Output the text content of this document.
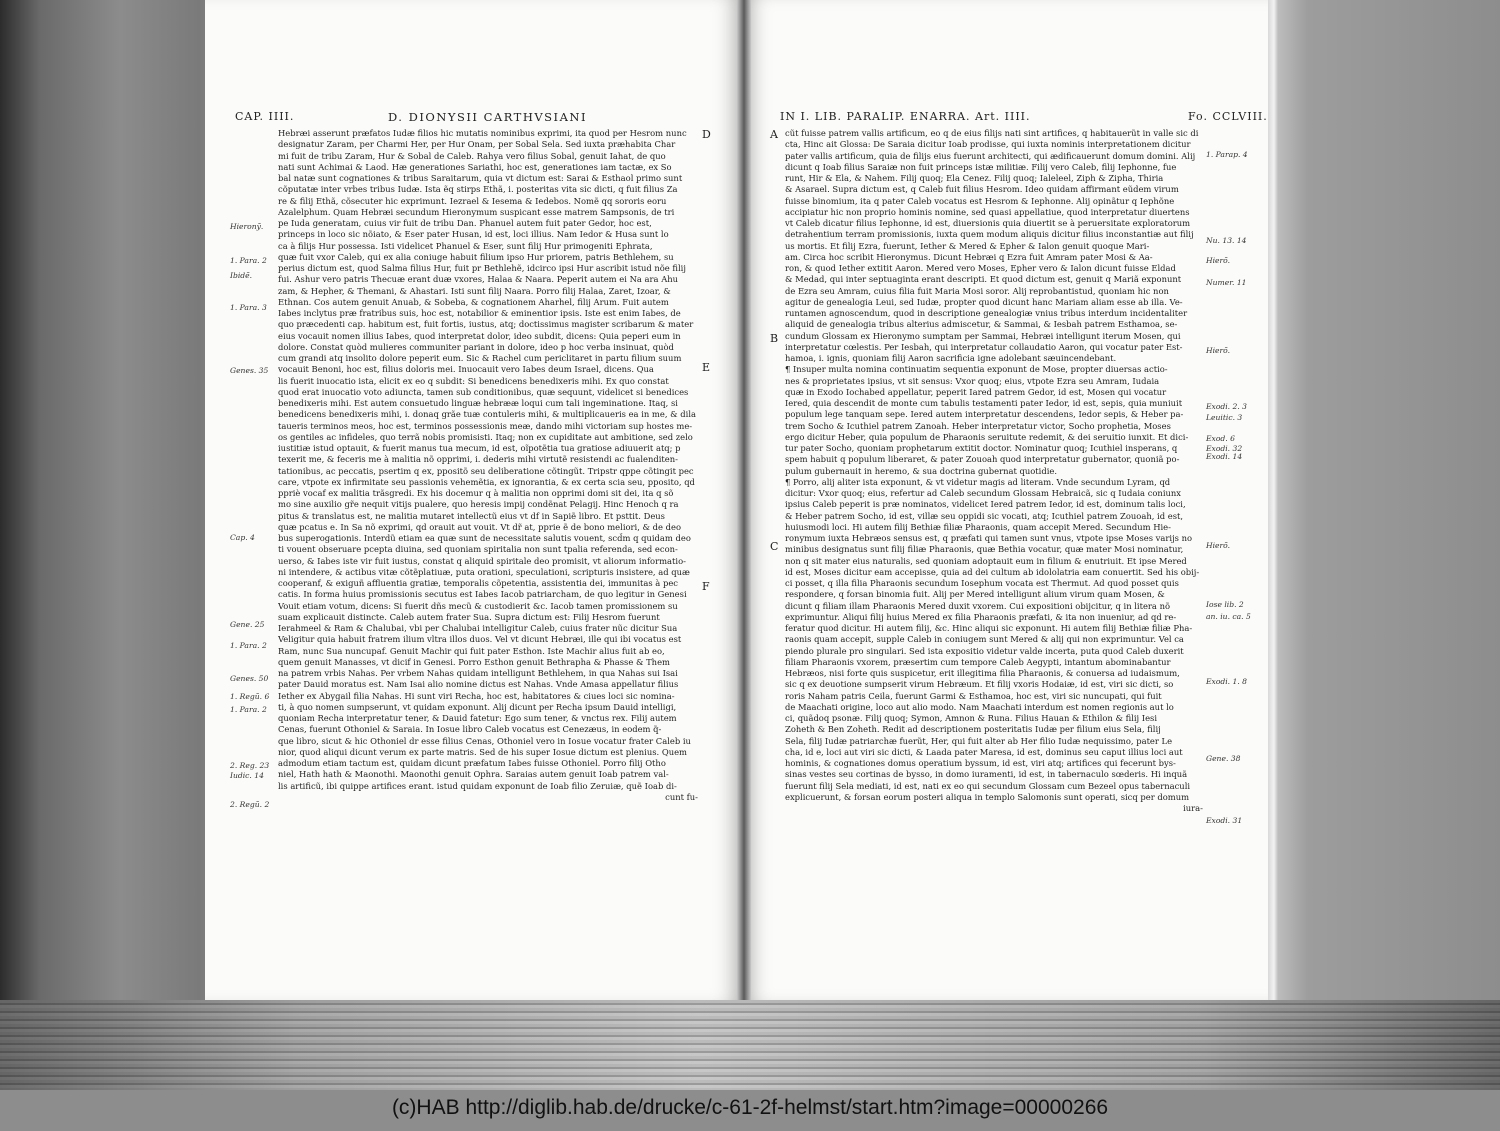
CAP. IIII.	D. DIONYSII CARTHVSIANI	IN I. LIB. PARALIP. ENARRA. Art. IIII.	Fo. CCLVIII.

Hebræi asserunt præfatos Iudæ filios hic mutatis nominibus exprimi, ita quod per Hesrom nunc

designatur Zaram, per Charmi Her, per Hur Onam, per Sobal Sela. Sed iuxta præhabita Char

mi fuit de tribu Zaram, Hur & Sobal de Caleb. Rahya vero filius Sobal, genuit Iahat, de quo

nati sunt Achimai & Laod. Hæ generationes Sariathi, hoc est, generationes iam tactæ, ex So

bal natæ sunt cognationes & tribus Saraitarum, quia vt dictum est: Sarai & Esthaol primo sunt

cõputatæ inter vrbes tribus Iudæ. Ista ẽq stirps Ethã, i. posteritas vita sic dicti, q fuit filius Za

re & filij Ethã, cõsecuter hic exprimunt. Iezrael & Iesema & Iedebos. Nomẽ qq sororis eoru

Azalelphum. Quam Hebræi secundum Hieronymum suspicant esse matrem Sampsonis, de tri

pe Iuda generatam, cuius vir fuit de tribu Dan. Phanuel autem fuit pater Gedor, hoc est,

princeps in loco sic nõiato, & Eser pater Husan, id est, loci illius. Nam Iedor & Husa sunt lo

ca à filijs Hur possessa. Isti videlicet Phanuel & Eser, sunt filij Hur primogeniti Ephrata,

quæ fuit vxor Caleb, qui ex alia coniuge habuit filium ipso Hur priorem, patris Bethlehem, su

perius dictum est, quod Salma filius Hur, fuit pr Bethlehẽ, idcirco ipsi Hur ascribit istud nõe filij

fui. Ashur vero patris Thecuæ erant duæ vxores, Halaa & Naara. Peperit autem ei Na ara Ahu

zam, & Hepher, & Themani, & Ahastari. Isti sunt filij Naara. Porro filij Halaa, Zaret, Izoar, &

Ethnan. Cos autem genuit Anuab, & Sobeba, & cognationem Aharhel, filij Arum. Fuit autem

Iabes inclytus præ fratribus suis, hoc est, notabilior & eminentior ipsis. Iste est enim Iabes, de

quo præcedenti cap. habitum est, fuit fortis, iustus, atq; doctissimus magister scribarum & mater

eius vocauit nomen illius Iabes, quod interpretat dolor, ideo subdit, dicens: Quia peperi eum in

dolore. Constat quòd mulieres communiter pariant in dolore, ideo p hoc verba insinuat, quòd

cum grandi atq insolito dolore peperit eum. Sic & Rachel cum periclitaret in partu filium suum

vocauit Benoni, hoc est, filius doloris mei. Inuocauit vero Iabes deum Israel, dicens. Qua

lis fuerit inuocatio ista, elicit ex eo q subdit: Si benedicens benedixeris mihi. Ex quo constat

quod erat inuocatio voto adiuncta, tamen sub conditionibus, quæ sequunt, videlicet si benedices

benedixeris mihi. Est autem consuetudo linguæ hebrææ loqui cum tali ingeminatione. Itaq, si

benedicens benedixeris mihi, i. donaq grãe tuæ contuleris mihi, & multiplicaueris ea in me, & dila

taueris terminos meos, hoc est, terminos possessionis meæ, dando mihi victoriam sup hostes me-

os gentiles ac infideles, quo terrã nobis promisisti. Itaq; non ex cupiditate aut ambitione, sed zelo

iustitiæ istud optauit, & fuerit manus tua mecum, id est, oĩpotẽtia tua gratiose adiuuerit atq; p

texerit me, & feceris me à malitia nõ opprimi, i. dederis mihi virtutẽ resistendi ac fualenditen-

tationibus, ac peccatis, psertim q ex, ppositõ seu deliberatione cõtingũt. Tripstr qppe cõtingit pec

care, vtpote ex infirmitate seu passionis vehemẽtia, ex ignorantia, & ex certa scia seu, pposito, qd

ppriè vocaf ex malitia trãsgredi. Ex his docemur q à malitia non opprimi domi sit dei, ita q sõ

mo sine auxilio gr̃e nequit vitijs pualere, quo heresis impij condẽnat Pelagij. Hinc Henoch q ra

pitus & translatus est, ne malitia mutaret intellectũ eius vt df in Sapiẽ libro. Et psttit. Deus

quæ pcatus e. In Sa nõ exprimi, qd orauit aut vouit. Vt dr̃ at, pprie ẽ de bono meliori, & de deo

bus superogationis. Interdũ etiam ea quæ sunt de necessitate salutis vouent, scd̃m q quidam deo

ti vouent obseruare pcepta diuina, sed quoniam spiritalia non sunt tpalia referenda, sed econ-

uerso, & Iabes iste vir fuit iustus, constat q aliquid spiritale deo promisit, vt aliorum informatio-

ni intendere, & actibus vitæ cõtẽplatiuæ, puta orationi, speculationi, scripturis insistere, ad quæ

cooperanf, & exiguñ affluentia gratiæ, temporalis cõpetentia, assistentia dei, immunitas à pec

catis. In forma huius promissionis secutus est Iabes Iacob patriarcham, de quo legitur in Genesi

Vouit etiam votum, dicens: Si fuerit dñs mecũ & custodierit &c. Iacob tamen promissionem su

suam explicauit distincte. Caleb autem frater Sua. Supra dictum est: Filij Hesrom fuerunt

Ierahmeel & Ram & Chalubai, vbi per Chalubai intelligitur Caleb, cuius frater nũc dicitur Sua

Veligitur quia habuit fratrem ilium vltra illos duos. Vel vt dicunt Hebræi, ille qui ibi vocatus est

Ram, nunc Sua nuncupaf. Genuit Machir qui fuit pater Esthon. Iste Machir alius fuit ab eo,

quem genuit Manasses, vt dicif in Genesi. Porro Esthon genuit Bethrapha & Phasse & Them

na patrem vrbis Nahas. Per vrbem Nahas quidam intelligunt Bethlehem, in qua Nahas sui Isai

pater Dauid moratus est. Nam Isai alio nomine dictus est Nahas. Vnde Amasa appellatur filius

Iether ex Abygail filia Nahas. Hi sunt viri Recha, hoc est, habitatores & ciues loci sic nomina-

ti, à quo nomen sumpserunt, vt quidam exponunt. Alij dicunt per Recha ipsum Dauid intelligi,

quoniam Recha interpretatur tener, & Dauid fatetur: Ego sum tener, & vnctus rex. Filij autem

Cenas, fuerunt Othoniel & Saraia. In Iosue libro Caleb vocatus est Cenezæus, in eodem q̃-

que libro, sicut & hic Othoniel dr esse filius Cenas, Othoniel vero in Iosue vocatur frater Caleb iu

nior, quod aliqui dicunt verum ex parte matris. Sed de his super Iosue dictum est plenius. Quem

admodum etiam tactum est, quidam dicunt præfatum Iabes fuisse Othoniel. Porro filij Otho

niel, Hath hath & Maonothi. Maonothi genuit Ophra. Saraias autem genuit Ioab patrem val-

lis artificũ, ibi quippe artifices erant. istud quidam exponunt de Ioab filio Zeruiæ, quẽ Ioab di-

cunt fu-

cũt fuisse patrem vallis artificum, eo q de eius filijs nati sint artifices, q habitauerũt in valle sic di

cta, Hinc ait Glossa: De Saraia dicitur Ioab prodisse, qui iuxta nominis interpretationem dicitur

pater vallis artificum, quia de filijs eius fuerunt architecti, qui ædificauerunt domum domini. Alij

dicunt q Ioab filius Saraiæ non fuit princeps istæ militiæ. Filij vero Caleb, filij Iephonne, fue

runt, Hir & Ela, & Nahem. Filij quoq; Ela Cenez. Filij quoq; Ialeleel, Ziph & Zipha, Thiria

& Asarael. Supra dictum est, q Caleb fuit filius Hesrom. Ideo quidam affirmant eũdem virum

fuisse binomium, ita q pater Caleb vocatus est Hesrom & Iephonne. Alij opinãtur q Iephõne

accipiatur hic non proprio hominis nomine, sed quasi appellatiue, quod interpretatur diuertens

vt Caleb dicatur filius Iephonne, id est, diuersionis quia diuertit se à peruersitate exploratorum

detrahentium terram promissionis, iuxta quem modum aliquis dicitur filius inconstantiæ aut filij

us mortis. Et filij Ezra, fuerunt, Iether & Mered & Epher & Ialon genuit quoque Mari-

am. Circa hoc scribit Hieronymus. Dicunt Hebræi q Ezra fuit Amram pater Mosi & Aa-

ron, & quod Iether extitit Aaron. Mered vero Moses, Epher vero & Ialon dicunt fuisse Eldad

& Medad, qui inter septuaginta erant descripti. Et quod dictum est, genuit q Mariã exponunt

de Ezra seu Amram, cuius filia fuit Maria Mosi soror. Alij reprobantistud, quoniam hic non

agitur de genealogia Leui, sed Iudæ, propter quod dicunt hanc Mariam aliam esse ab illa. Ve-

runtamen agnoscendum, quod in descriptione genealogiæ vnius tribus interdum incidentaliter

aliquid de genealogia tribus alterius admiscetur, & Sammai, & Iesbah patrem Esthamoa, se-

cundum Glossam ex Hieronymo sumptam per Sammai, Hebræi intelligunt iterum Mosen, qui

interpretatur cœlestis. Per Iesbah, qui interpretatur collaudatio Aaron, qui vocatur pater Est-

hamoa, i. ignis, quoniam filij Aaron sacrificia igne adolebant sæuincendebant.

¶ Insuper multa nomina continuatim sequentia exponunt de Mose, propter diuersas actio-

nes & proprietates ipsius, vt sit sensus: Vxor quoq; eius, vtpote Ezra seu Amram, Iudaia

quæ in Exodo Iochabed appellatur, peperit Iared patrem Gedor, id est, Mosen qui vocatur

Iered, quia descendit de monte cum tabulis testamenti pater Iedor, id est, sepis, quia muniuit

populum lege tanquam sepe. Iered autem interpretatur descendens, Iedor sepis, & Heber pa-

trem Socho & Icuthiel patrem Zanoah. Heber interpretatur victor, Socho prophetia, Moses

ergo dicitur Heber, quia populum de Pharaonis seruitute redemit, & dei seruitio iunxit. Et dici-

tur pater Socho, quoniam prophetarum extitit doctor. Nominatur quoq; Icuthiel insperans, q

spem habuit q populum liberaret, & pater Zouoah quod interpretatur gubernator, quoniã po-

pulum gubernauit in heremo, & sua doctrina gubernat quotidie.

¶ Porro, alij aliter ista exponunt, & vt videtur magis ad literam. Vnde secundum Lyram, qd

dicitur: Vxor quoq; eius, refertur ad Caleb secundum Glossam Hebraicã, sic q Iudaia coniunx

ipsius Caleb peperit is præ nominatos, videlicet Iered patrem Iedor, id est, dominum talis loci,

& Heber patrem Socho, id est, villæ seu oppidi sic vocati, atq; Icuthiel patrem Zouoah, id est,

huiusmodi loci. Hi autem filij Bethiæ filiæ Pharaonis, quam accepit Mered. Secundum Hie-

ronymum iuxta Hebræos sensus est, q præfati qui tamen sunt vnus, vtpote ipse Moses varijs no

minibus designatus sunt filij filiæ Pharaonis, quæ Bethia vocatur, quæ mater Mosi nominatur,

non q sit mater eius naturalis, sed quoniam adoptauit eum in filium & enutriuit. Et ipse Mered

id est, Moses dicitur eam accepisse, quia ad dei cultum ab idololatria eam conuertit. Sed his obij-

ci posset, q illa filia Pharaonis secundum Iosephum vocata est Thermut. Ad quod posset quis

respondere, q forsan binomia fuit. Alij per Mered intelligunt alium virum quam Mosen, &

dicunt q filiam illam Pharaonis Mered duxit vxorem. Cui expositioni obijcitur, q in litera nõ

exprimuntur. Aliqui filij huius Mered ex filia Pharaonis præfati, & ita non inueniur, ad qd re-

feratur quod dicitur. Hi autem filij, &c. Hinc aliqui sic exponunt. Hi autem filij Bethiæ filiæ Pha-

raonis quam accepit, supple Caleb in coniugem sunt Mered & alij qui non exprimuntur. Vel ca

piendo plurale pro singulari. Sed ista expositio videtur valde incerta, puta quod Caleb duxerit

filiam Pharaonis vxorem, præsertim cum tempore Caleb Aegypti, intantum abominabantur

Hebræos, nisi forte quis suspicetur, erit illegitima filia Pharaonis, & conuersa ad iudaismum,

sic q ex deuotione sumpserit virum Hebræum. Et filij vxoris Hodaiæ, id est, viri sic dicti, so

roris Naham patris Ceila, fuerunt Garmi & Esthamoa, hoc est, viri sic nuncupati, qui fuit

de Maachati origine, loco aut alio modo. Nam Maachati interdum est nomen regionis aut lo

ci, quãdoq psonæ. Filij quoq; Symon, Amnon & Runa. Filius Hauan & Ethilon & filij Iesi

Zoheth & Ben Zoheth. Redit ad descriptionem posteritatis Iudæ per filium eius Sela, filij

Sela, filij Iudæ patriarchæ fuerũt, Her, qui fuit alter ab Her filio Iudæ nequissimo, pater Le

cha, id e, loci aut viri sic dicti, & Laada pater Maresa, id est, dominus seu caput illius loci aut

hominis, & cognationes domus operatium byssum, id est, viri atq; artifices qui fecerunt bys-

sinas vestes seu cortinas de bysso, in domo iuramenti, id est, in tabernaculo sœderis. Hi inquã

fuerunt filij Sela mediati, id est, nati ex eo qui secundum Glossam cum Bezeel opus tabernaculi

explicuerunt, & forsan eorum posteri aliqua in templo Salomonis sunt operati, sicq per domum

iura-

Hieronỹ.
1. Para. 2
Ibidẽ.
1. Para. 3
Genes. 35
Cap. 4
Gene. 25
1. Para. 2
Genes. 50
1. Regũ. 6
1. Para. 2
2. Reg. 23
Iudic. 14
2. Regũ. 2
1. Parap. 4
Nu. 13. 14
Hierõ.
Numer. 11
Hierõ.
Exodi. 2. 3
Leuitic. 3
Exod. 6
Exodi. 32
Exodi. 14
Hierõ.
Iose lib. 2
an. iu. ca. 5
Exodi. 1. 8
Gene. 38
Exodi. 31
D
E
F
A
B
C
(c)HAB http://diglib.hab.de/drucke/c-61-2f-helmst/start.htm?image=00000266
